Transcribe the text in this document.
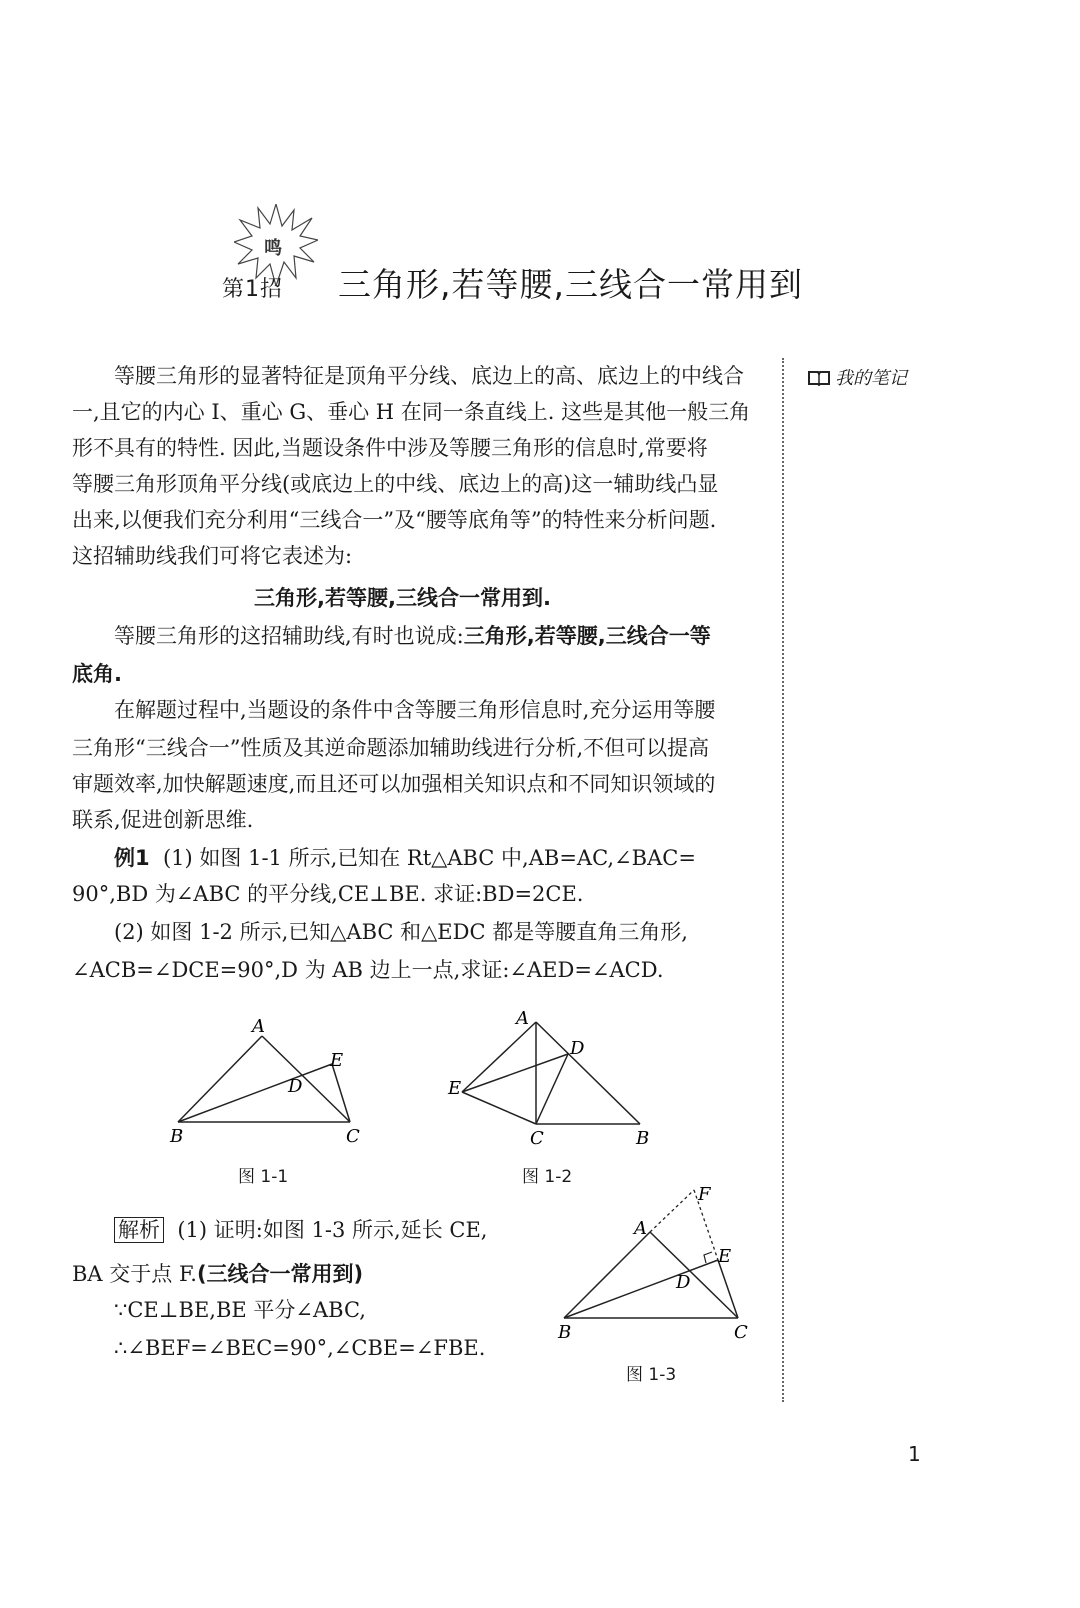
鸣
第1招 三角形,若等腰,三线合一常用到
我的笔记
等腰三角形的显著特征是顶角平分线、底边上的高、底边上的中线合
一,且它的内心 I、重心 G、垂心 H 在同一条直线上. 这些是其他一般三角
形不具有的特性. 因此,当题设条件中涉及等腰三角形的信息时,常要将
等腰三角形顶角平分线(或底边上的中线、底边上的高)这一辅助线凸显
出来,以便我们充分利用“三线合一”及“腰等底角等”的特性来分析问题.
这招辅助线我们可将它表述为:
三角形,若等腰,三线合一常用到.
等腰三角形的这招辅助线,有时也说成:三角形,若等腰,三线合一等
底角.
在解题过程中,当题设的条件中含等腰三角形信息时,充分运用等腰
三角形“三线合一”性质及其逆命题添加辅助线进行分析,不但可以提高
审题效率,加快解题速度,而且还可以加强相关知识点和不同知识领域的
联系,促进创新思维.
例1 (1) 如图 1-1 所示,已知在 Rt△ABC 中,AB=AC,∠BAC=
90°,BD 为∠ABC 的平分线,CE⊥BE. 求证:BD=2CE.
(2) 如图 1-2 所示,已知△ABC 和△EDC 都是等腰直角三角形,
∠ACB=∠DCE=90°,D 为 AB 边上一点,求证:∠AED=∠ACD.
A
B	C
D
E
图 1-1
A
B
C
D
E
图 1-2
解析 (1) 证明:如图 1-3 所示,延长 CE,
BA 交于点 F.(三线合一常用到)
∵CE⊥BE,BE 平分∠ABC,
∴∠BEF=∠BEC=90°,∠CBE=∠FBE.
A
B	C
D
E
F
图 1-3
1
